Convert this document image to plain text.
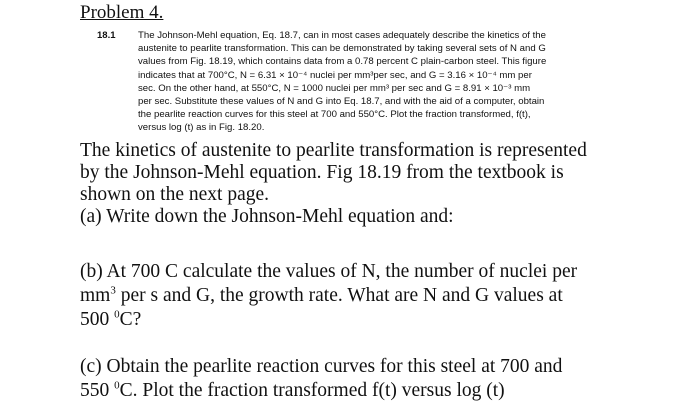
Problem 4.
18.1 The Johnson-Mehl equation, Eq. 18.7, can in most cases adequately describe the kinetics of the
austenite to pearlite transformation. This can be demonstrated by taking several sets of N and G
values from Fig. 18.19, which contains data from a 0.78 percent C plain-carbon steel. This figure
indicates that at 700°C, N = 6.31 × 10⁻⁴ nuclei per mm³per sec, and G = 3.16 × 10⁻⁴ mm per
sec. On the other hand, at 550°C, N = 1000 nuclei per mm³ per sec and G = 8.91 × 10⁻³ mm
per sec. Substitute these values of N and G into Eq. 18.7, and with the aid of a computer, obtain
the pearlite reaction curves for this steel at 700 and 550°C. Plot the fraction transformed, f(t),
versus log (t) as in Fig. 18.20.
The kinetics of austenite to pearlite transformation is represented
by the Johnson-Mehl equation. Fig 18.19 from the textbook is
shown on the next page.
(a) Write down the Johnson-Mehl equation and:
(b) At 700 C calculate the values of N, the number of nuclei per
$mm^3$ per s and G, the growth rate. What are N and G values at
500 $^0$C?
(c) Obtain the pearlite reaction curves for this steel at 700 and
550 $^0$C. Plot the fraction transformed f(t) versus log (t)
